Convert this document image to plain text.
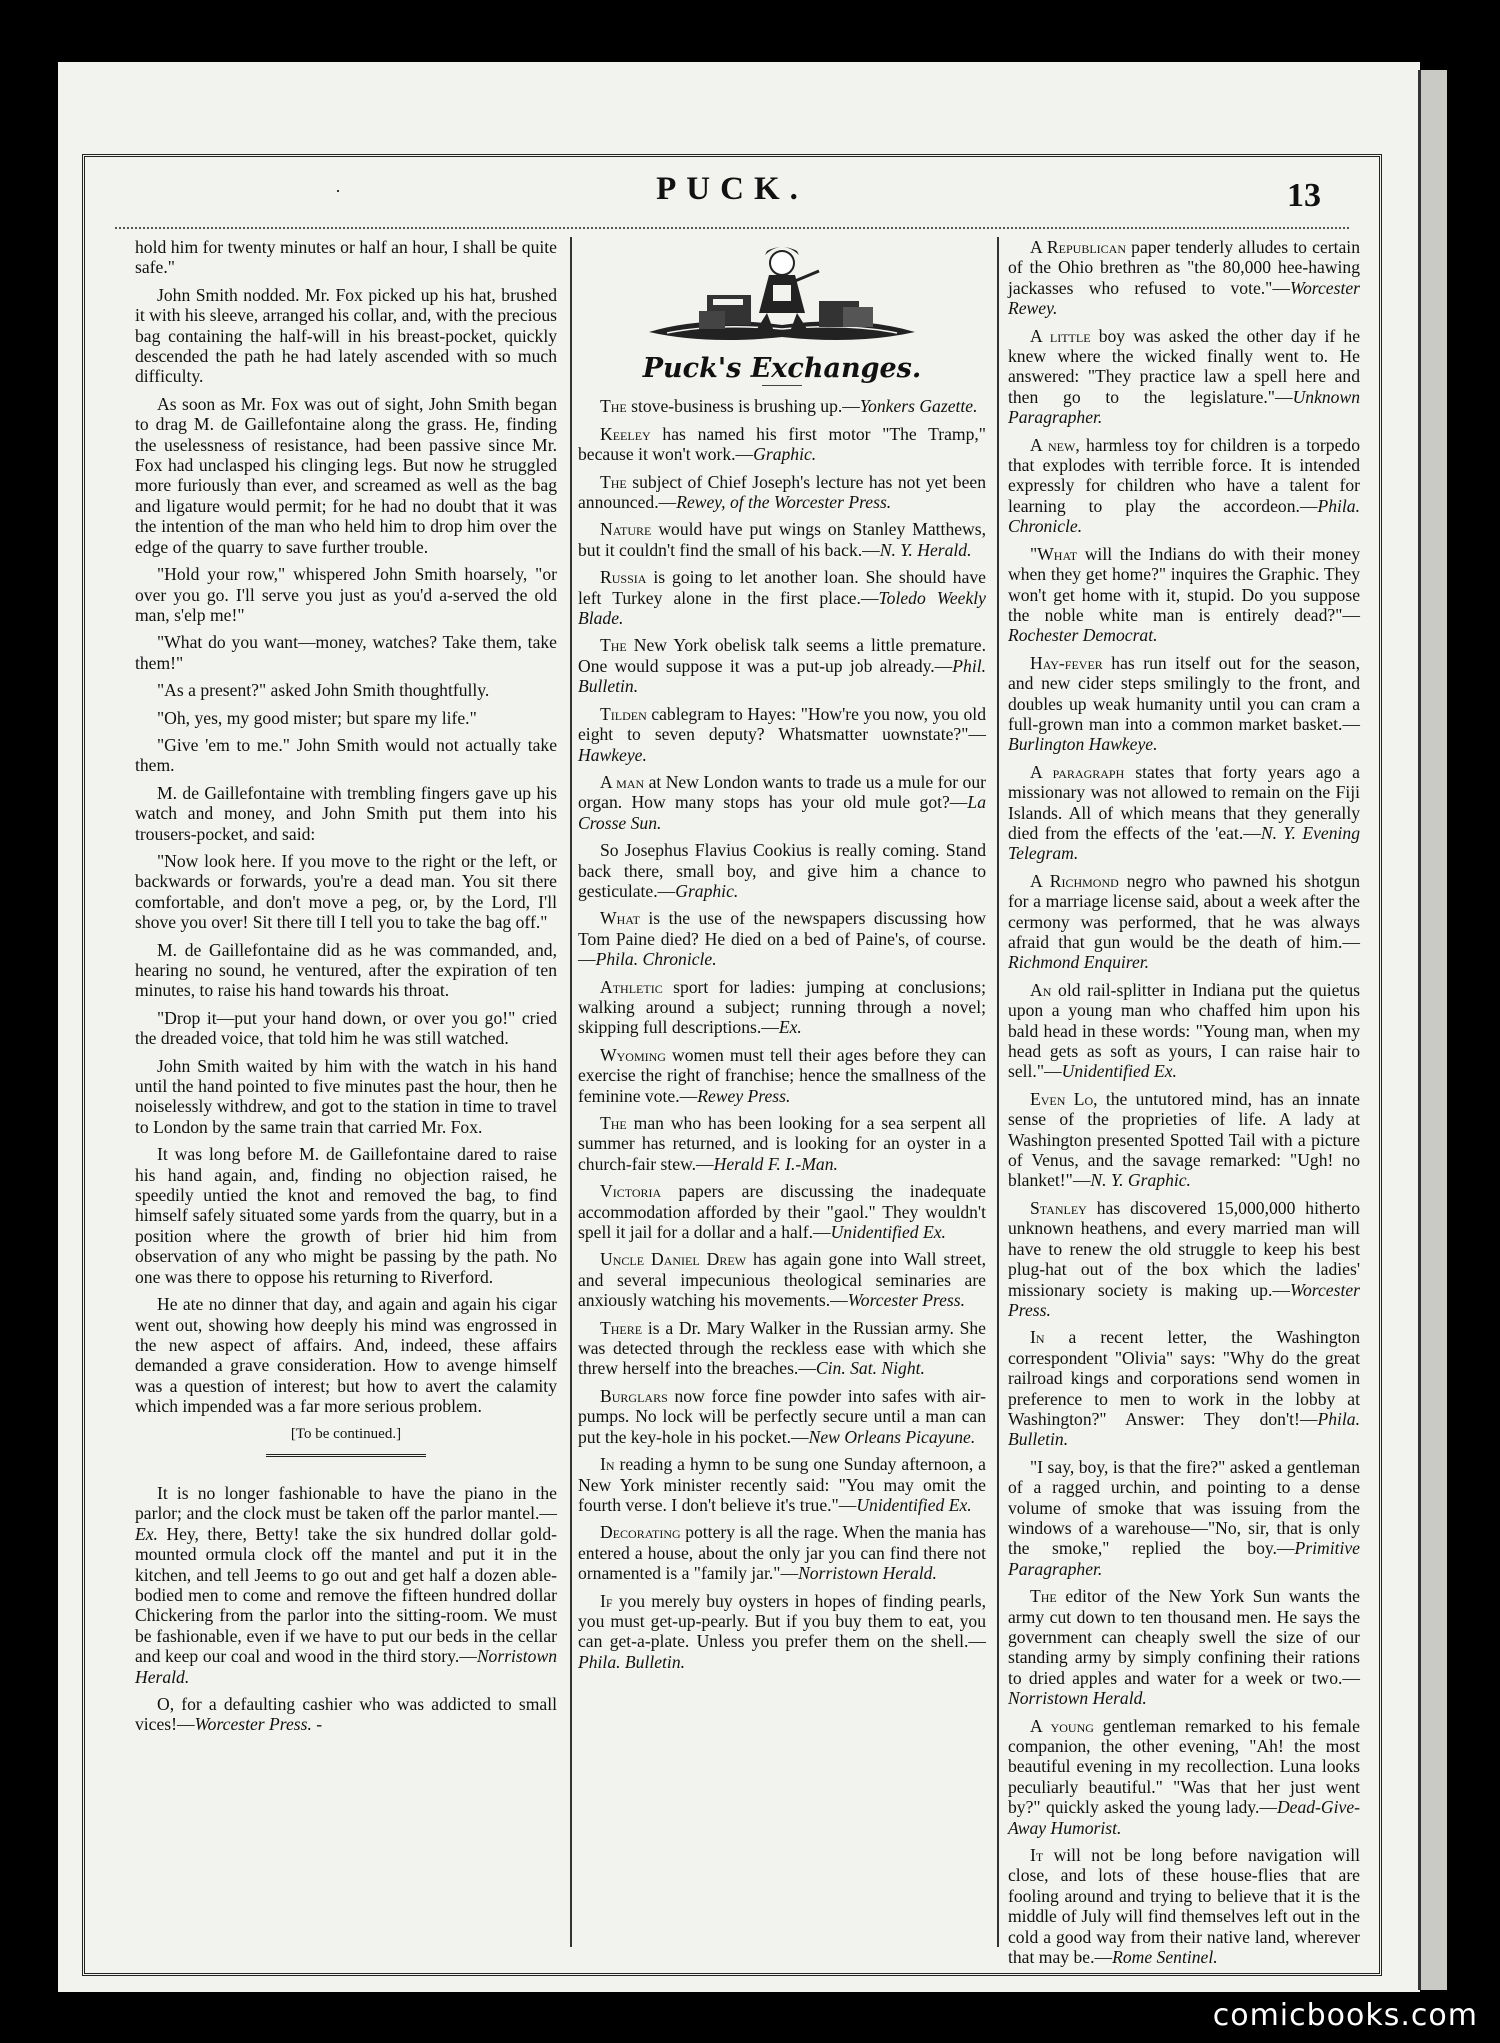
·	PUCK.	13

hold him for twenty minutes or half an hour, I shall be quite safe."

John Smith nodded. Mr. Fox picked up his hat, brushed it with his sleeve, arranged his collar, and, with the precious bag containing the half-will in his breast-pocket, quickly descended the path he had lately ascended with so much difficulty.

As soon as Mr. Fox was out of sight, John Smith began to drag M. de Gaillefontaine along the grass. He, finding the uselessness of resistance, had been passive since Mr. Fox had unclasped his clinging legs. But now he struggled more furiously than ever, and screamed as well as the bag and ligature would permit; for he had no doubt that it was the intention of the man who held him to drop him over the edge of the quarry to save further trouble.

"Hold your row," whispered John Smith hoarsely, "or over you go. I'll serve you just as you'd a-served the old man, s'elp me!"

"What do you want—money, watches? Take them, take them!"

"As a present?" asked John Smith thoughtfully.

"Oh, yes, my good mister; but spare my life."

"Give 'em to me." John Smith would not actually take them.

M. de Gaillefontaine with trembling fingers gave up his watch and money, and John Smith put them into his trousers-pocket, and said:

"Now look here. If you move to the right or the left, or backwards or forwards, you're a dead man. You sit there comfortable, and don't move a peg, or, by the Lord, I'll shove you over! Sit there till I tell you to take the bag off."

M. de Gaillefontaine did as he was commanded, and, hearing no sound, he ventured, after the expiration of ten minutes, to raise his hand towards his throat.

"Drop it—put your hand down, or over you go!" cried the dreaded voice, that told him he was still watched.

John Smith waited by him with the watch in his hand until the hand pointed to five minutes past the hour, then he noiselessly withdrew, and got to the station in time to travel to London by the same train that carried Mr. Fox.

It was long before M. de Gaillefontaine dared to raise his hand again, and, finding no objection raised, he speedily untied the knot and removed the bag, to find himself safely situated some yards from the quarry, but in a position where the growth of brier hid him from observation of any who might be passing by the path. No one was there to oppose his returning to Riverford.

He ate no dinner that day, and again and again his cigar went out, showing how deeply his mind was engrossed in the new aspect of affairs. And, indeed, these affairs demanded a grave consideration. How to avenge himself was a question of interest; but how to avert the calamity which impended was a far more serious problem.

[To be continued.]

It is no longer fashionable to have the piano in the parlor; and the clock must be taken off the parlor mantel.—Ex. Hey, there, Betty! take the six hundred dollar gold-mounted ormula clock off the mantel and put it in the kitchen, and tell Jeems to go out and get half a dozen able-bodied men to come and remove the fifteen hundred dollar Chickering from the parlor into the sitting-room. We must be fashionable, even if we have to put our beds in the cellar and keep our coal and wood in the third story.—Norristown Herald.

O, for a defaulting cashier who was addicted to small vices!—Worcester Press. -

Puck's Exchanges.

The stove-business is brushing up.—Yonkers Gazette.

Keeley has named his first motor "The Tramp," because it won't work.—Graphic.

The subject of Chief Joseph's lecture has not yet been announced.—Rewey, of the Worcester Press.

Nature would have put wings on Stanley Matthews, but it couldn't find the small of his back.—N. Y. Herald.

Russia is going to let another loan. She should have left Turkey alone in the first place.—Toledo Weekly Blade.

The New York obelisk talk seems a little premature. One would suppose it was a put-up job already.—Phil. Bulletin.

Tilden cablegram to Hayes: "How're you now, you old eight to seven deputy? Whatsmatter uownstate?"—Hawkeye.

A man at New London wants to trade us a mule for our organ. How many stops has your old mule got?—La Crosse Sun.

So Josephus Flavius Cookius is really coming. Stand back there, small boy, and give him a chance to gesticulate.—Graphic.

What is the use of the newspapers discussing how Tom Paine died? He died on a bed of Paine's, of course.—Phila. Chronicle.

Athletic sport for ladies: jumping at conclusions; walking around a subject; running through a novel; skipping full descriptions.—Ex.

Wyoming women must tell their ages before they can exercise the right of franchise; hence the smallness of the feminine vote.—Rewey Press.

The man who has been looking for a sea serpent all summer has returned, and is looking for an oyster in a church-fair stew.—Herald F. I.-Man.

Victoria papers are discussing the inadequate accommodation afforded by their "gaol." They wouldn't spell it jail for a dollar and a half.—Unidentified Ex.

Uncle Daniel Drew has again gone into Wall street, and several impecunious theological seminaries are anxiously watching his movements.—Worcester Press.

There is a Dr. Mary Walker in the Russian army. She was detected through the reckless ease with which she threw herself into the breaches.—Cin. Sat. Night.

Burglars now force fine powder into safes with air-pumps. No lock will be perfectly secure until a man can put the key-hole in his pocket.—New Orleans Picayune.

In reading a hymn to be sung one Sunday afternoon, a New York minister recently said: "You may omit the fourth verse. I don't believe it's true."—Unidentified Ex.

Decorating pottery is all the rage. When the mania has entered a house, about the only jar you can find there not ornamented is a "family jar."—Norristown Herald.

If you merely buy oysters in hopes of finding pearls, you must get-up-pearly. But if you buy them to eat, you can get-a-plate. Unless you prefer them on the shell.—Phila. Bulletin.

A Republican paper tenderly alludes to certain of the Ohio brethren as "the 80,000 hee-hawing jackasses who refused to vote."—Worcester Rewey.

A little boy was asked the other day if he knew where the wicked finally went to. He answered: "They practice law a spell here and then go to the legislature."—Unknown Paragrapher.

A new, harmless toy for children is a torpedo that explodes with terrible force. It is intended expressly for children who have a talent for learning to play the accordeon.—Phila. Chronicle.

"What will the Indians do with their money when they get home?" inquires the Graphic. They won't get home with it, stupid. Do you suppose the noble white man is entirely dead?"—Rochester Democrat.

Hay-fever has run itself out for the season, and new cider steps smilingly to the front, and doubles up weak humanity until you can cram a full-grown man into a common market basket.—Burlington Hawkeye.

A paragraph states that forty years ago a missionary was not allowed to remain on the Fiji Islands. All of which means that they generally died from the effects of the 'eat.—N. Y. Evening Telegram.

A Richmond negro who pawned his shotgun for a marriage license said, about a week after the cermony was performed, that he was always afraid that gun would be the death of him.—Richmond Enquirer.

An old rail-splitter in Indiana put the quietus upon a young man who chaffed him upon his bald head in these words: "Young man, when my head gets as soft as yours, I can raise hair to sell."—Unidentified Ex.

Even Lo, the untutored mind, has an innate sense of the proprieties of life. A lady at Washington presented Spotted Tail with a picture of Venus, and the savage remarked: "Ugh! no blanket!"—N. Y. Graphic.

Stanley has discovered 15,000,000 hitherto unknown heathens, and every married man will have to renew the old struggle to keep his best plug-hat out of the box which the ladies' missionary society is making up.—Worcester Press.

In a recent letter, the Washington correspondent "Olivia" says: "Why do the great railroad kings and corporations send women in preference to men to work in the lobby at Washington?" Answer: They don't!—Phila. Bulletin.

"I say, boy, is that the fire?" asked a gentleman of a ragged urchin, and pointing to a dense volume of smoke that was issuing from the windows of a warehouse—"No, sir, that is only the smoke," replied the boy.—Primitive Paragrapher.

The editor of the New York Sun wants the army cut down to ten thousand men. He says the government can cheaply swell the size of our standing army by simply confining their rations to dried apples and water for a week or two.—Norristown Herald.

A young gentleman remarked to his female companion, the other evening, "Ah! the most beautiful evening in my recollection. Luna looks peculiarly beautiful." "Was that her just went by?" quickly asked the young lady.—Dead-Give-Away Humorist.

It will not be long before navigation will close, and lots of these house-flies that are fooling around and trying to believe that it is the middle of July will find themselves left out in the cold a good way from their native land, wherever that may be.—Rome Sentinel.

comicbooks.com
